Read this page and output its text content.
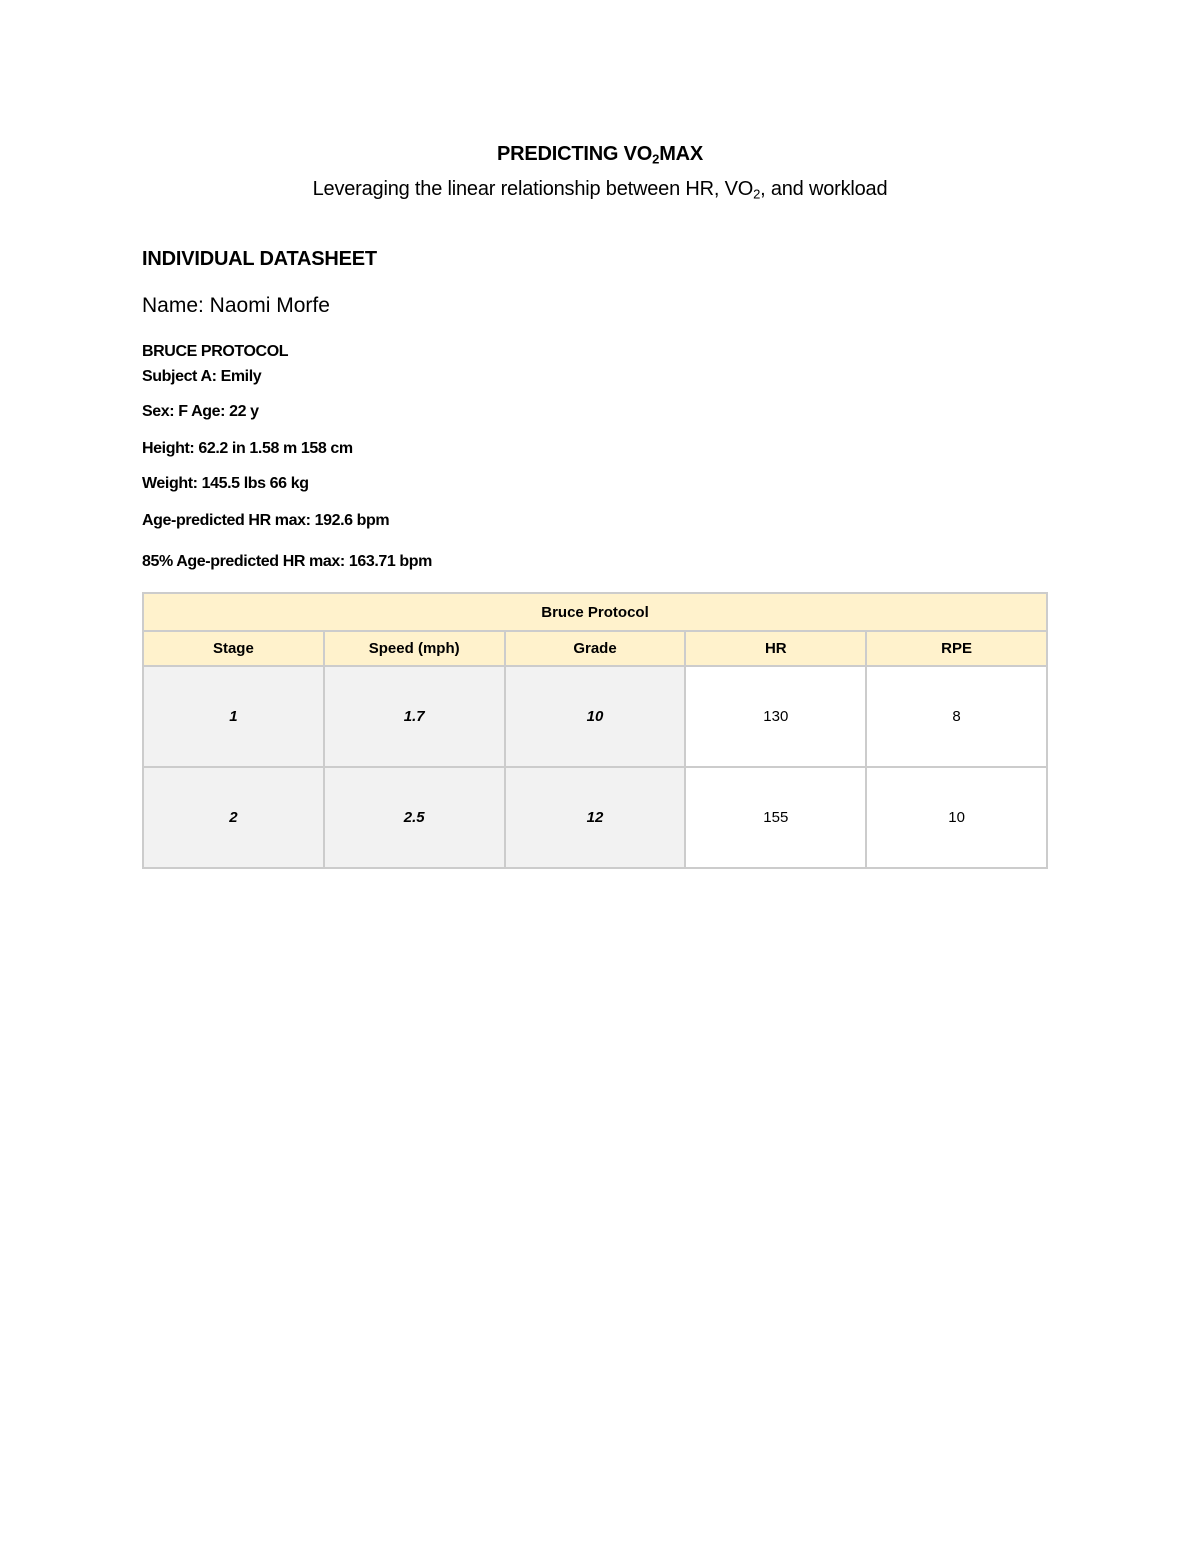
PREDICTING $VO_2MAX$
Leveraging the linear relationship between HR, $VO_2$, and workload
INDIVIDUAL DATASHEET
Name: Naomi Morfe
BRUCE PROTOCOL
Subject A: Emily
Sex: F Age: 22 y
Height: 62.2 in 1.58 m 158 cm
Weight: 145.5 lbs 66 kg
Age-predicted HR max: 192.6 bpm
85% Age-predicted HR max: 163.71 bpm
Bruce Protocol				
Stage	Speed (mph)	Grade	HR	RPE
1	1.7	10	130	8
2	2.5	12	155	10
